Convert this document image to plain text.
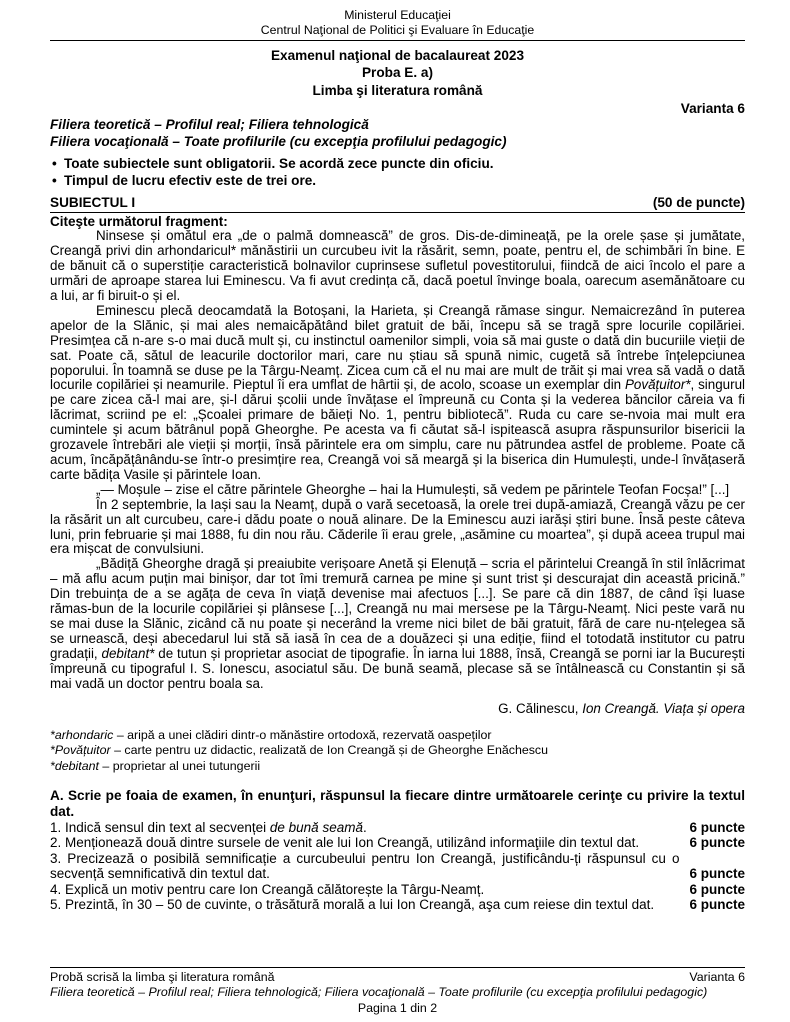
Ministerul Educaţiei
Centrul Naţional de Politici şi Evaluare în Educaţie
Examenul naţional de bacalaureat 2023
Proba E. a)
Limba şi literatura română
Varianta 6
Filiera teoretică – Profilul real; Filiera tehnologică
Filiera vocaţională – Toate profilurile (cu excepţia profilului pedagogic)
• Toate subiectele sunt obligatorii. Se acordă zece puncte din oficiu.
• Timpul de lucru efectiv este de trei ore.
SUBIECTUL I	(50 de puncte)
Citeşte următorul fragment:

Ninsese și omătul era „de o palmă domnească” de gros. Dis-de-dimineață, pe la orele șase și jumătate, Creangă privi din arhondaricul* mănăstirii un curcubeu ivit la răsărit, semn, poate, pentru el, de schimbări în bine. E de bănuit că o superstiție caracteristică bolnavilor cuprinsese sufletul povestitorului, fiindcă de aici încolo el pare a urmări de aproape starea lui Eminescu. Va fi avut credința că, dacă poetul învinge boala, oarecum asemănătoare cu a lui, ar fi biruit-o și el.

Eminescu plecă deocamdată la Botoșani, la Harieta, și Creangă rămase singur. Nemaicrezând în puterea apelor de la Slănic, și mai ales nemaicăpătând bilet gratuit de băi, începu să se tragă spre locurile copilăriei. Presimțea că n-are s-o mai ducă mult și, cu instinctul oamenilor simpli, voia să mai guste o dată din bucuriile vieții de sat. Poate că, sătul de leacurile doctorilor mari, care nu știau să spună nimic, cugetă să întrebe înțelepciunea poporului. În toamnă se duse pe la Târgu-Neamț. Zicea cum că el nu mai are mult de trăit și mai vrea să vadă o dată locurile copilăriei și neamurile. Pieptul îi era umflat de hârtii și, de acolo, scoase un exemplar din Povățuitor*, singurul pe care zicea că-l mai are, și-l dărui școlii unde învățase el împreună cu Conta și la vederea băncilor căreia va fi lăcrimat, scriind pe el: „Școalei primare de băieți No. 1, pentru bibliotecă”. Ruda cu care se-nvoia mai mult era cumintele și acum bătrânul popă Gheorghe. Pe acesta va fi căutat să-l ispitească asupra răspunsurilor bisericii la grozavele întrebări ale vieții și morții, însă părintele era om simplu, care nu pătrundea astfel de probleme. Poate că acum, încăpățânându-se într-o presimțire rea, Creangă voi să meargă și la biserica din Humulești, unde-l învățaseră carte bădița Vasile și părintele Ioan.

„— Moșule – zise el către părintele Gheorghe – hai la Humulești, să vedem pe părintele Teofan Focșa!” [...]

În 2 septembrie, la Iași sau la Neamț, după o vară secetoasă, la orele trei după-amiază, Creangă văzu pe cer la răsărit un alt curcubeu, care-i dădu poate o nouă alinare. De la Eminescu auzi iarăși știri bune. Însă peste câteva luni, prin februarie și mai 1888, fu din nou rău. Căderile îi erau grele, „asămine cu moartea”, și după aceea trupul mai era mișcat de convulsiuni.

„Bădiță Gheorghe dragă și preaiubite verișoare Anetă și Elenuță – scria el părintelui Creangă în stil înlăcrimat – mă aflu acum puțin mai binișor, dar tot îmi tremură carnea pe mine și sunt trist și descurajat din această pricină.” Din trebuința de a se agăța de ceva în viață devenise mai afectuos [...]. Se pare că din 1887, de când își luase rămas-bun de la locurile copilăriei și plânsese [...], Creangă nu mai mersese pe la Târgu-Neamț. Nici peste vară nu se mai duse la Slănic, zicând că nu poate și necerând la vreme nici bilet de băi gratuit, fără de care nu-nțelegea să se urnească, deși abecedarul lui stă să iasă în cea de a douăzeci și una ediție, fiind el totodată institutor cu patru gradații, debitant* de tutun și proprietar asociat de tipografie. În iarna lui 1888, însă, Creangă se porni iar la București împreună cu tipograful I. S. Ionescu, asociatul său. De bună seamă, plecase să se întâlnească cu Constantin și să mai vadă un doctor pentru boala sa.

G. Călinescu, Ion Creangă. Viața și opera
*arhondaric – aripă a unei clădiri dintr-o mănăstire ortodoxă, rezervată oaspeților
*Povățuitor – carte pentru uz didactic, realizată de Ion Creangă și de Gheorghe Enăchescu
*debitant – proprietar al unei tutungerii
A. Scrie pe foaia de examen, în enunţuri, răspunsul la fiecare dintre următoarele cerinţe cu privire la textul dat.
1. Indică sensul din text al secvenței de bună seamă.	6 puncte
2. Menționează două dintre sursele de venit ale lui Ion Creangă, utilizând informaţiile din textul dat.	6 puncte
3. Precizează o posibilă semnificație a curcubeului pentru Ion Creangă, justificându-ți răspunsul cu o secvență semnificativă din textul dat.	6 puncte
4. Explică un motiv pentru care Ion Creangă călătorește la Târgu-Neamț.	6 puncte
5. Prezintă, în 30 – 50 de cuvinte, o trăsătură morală a lui Ion Creangă, aşa cum reiese din textul dat.	6 puncte
Probă scrisă la limba şi literatura română	Varianta 6
Filiera teoretică – Profilul real; Filiera tehnologică; Filiera vocaţională – Toate profilurile (cu excepţia profilului pedagogic)
Pagina 1 din 2
